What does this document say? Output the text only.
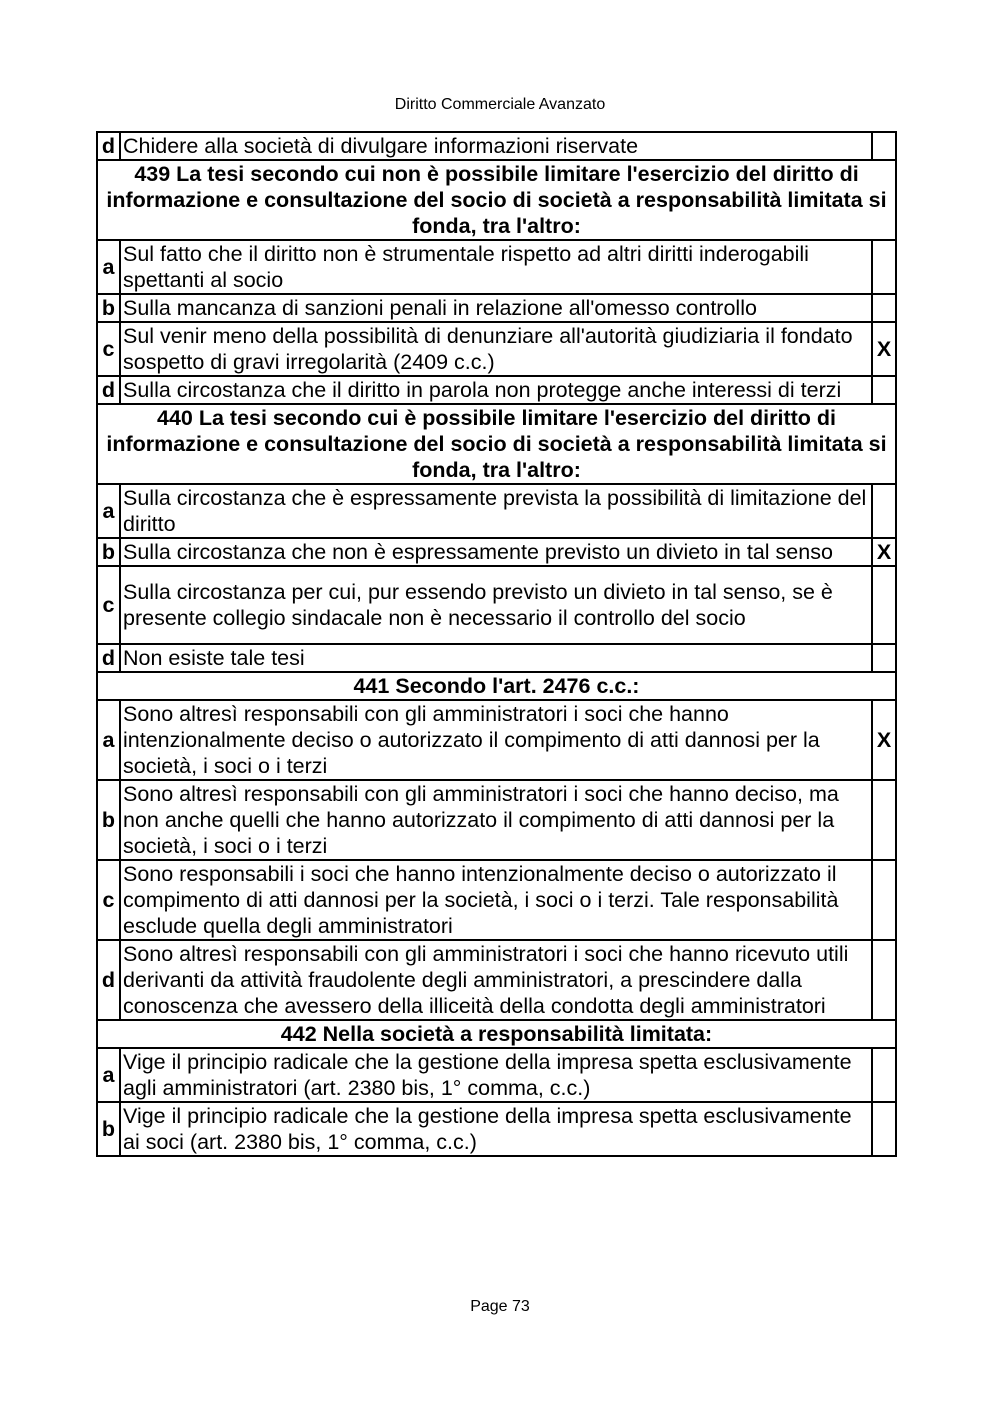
Diritto Commerciale Avanzato
d	Chidere alla società di divulgare informazioni riservate	
439 La tesi secondo cui non è possibile limitare l'esercizio del diritto di informazione e consultazione del socio di società a responsabilità limitata si fonda, tra l'altro:		
a	Sul fatto che il diritto non è strumentale rispetto ad altri diritti inderogabili spettanti al socio	
b	Sulla mancanza di sanzioni penali in relazione all'omesso controllo	
c	Sul venir meno della possibilità di denunziare all'autorità giudiziaria il fondato sospetto di gravi irregolarità (2409 c.c.)	X
d	Sulla circostanza che il diritto in parola non protegge anche interessi di terzi	
440 La tesi secondo cui è possibile limitare l'esercizio del diritto di informazione e consultazione del socio di società a responsabilità limitata si fonda, tra l'altro:		
a	Sulla circostanza che è espressamente prevista la possibilità di limitazione del diritto	
b	Sulla circostanza che non è espressamente previsto un divieto in tal senso	X
c	Sulla circostanza per cui, pur essendo previsto un divieto in tal senso, se è presente collegio sindacale non è necessario il controllo del socio	
d	Non esiste tale tesi	
441 Secondo l'art. 2476 c.c.:		
a	Sono altresì responsabili con gli amministratori i soci che hanno intenzionalmente deciso o autorizzato il compimento di atti dannosi per la società, i soci o i terzi	X
b	Sono altresì responsabili con gli amministratori i soci che hanno deciso, ma non anche quelli che hanno autorizzato il compimento di atti dannosi per la società, i soci o i terzi	
c	Sono responsabili i soci che hanno intenzionalmente deciso o autorizzato il compimento di atti dannosi per la società, i soci o i terzi. Tale responsabilità esclude quella degli amministratori	
d	Sono altresì responsabili con gli amministratori i soci che hanno ricevuto utili derivanti da attività fraudolente degli amministratori, a prescindere dalla conoscenza che avessero della illiceità della condotta degli amministratori	
442 Nella società a responsabilità limitata:		
a	Vige il principio radicale che la gestione della impresa spetta esclusivamente agli amministratori (art. 2380 bis, 1° comma, c.c.)	
b	Vige il principio radicale che la gestione della impresa spetta esclusivamente ai soci (art. 2380 bis, 1° comma, c.c.)	
Page 73
